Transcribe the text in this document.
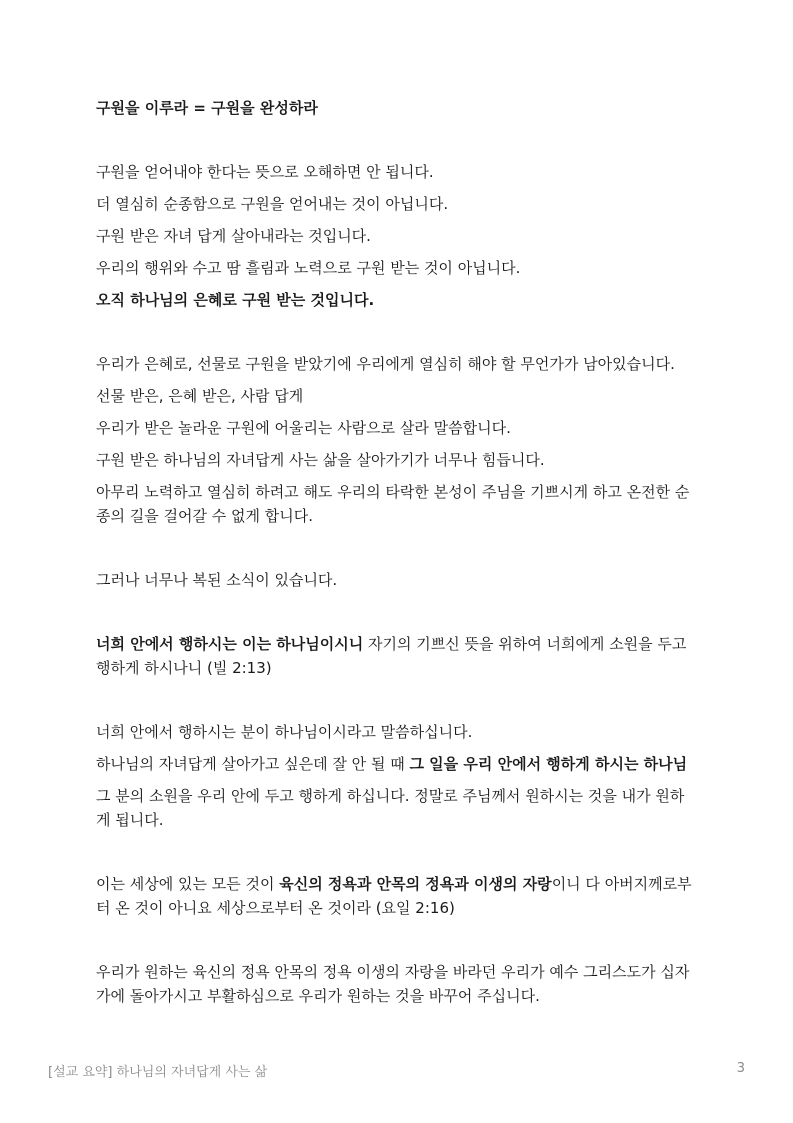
구원을 이루라 = 구원을 완성하라

구원을 얻어내야 한다는 뜻으로 오해하면 안 됩니다.

더 열심히 순종함으로 구원을 얻어내는 것이 아닙니다.

구원 받은 자녀 답게 살아내라는 것입니다.

우리의 행위와 수고 땀 흘림과 노력으로 구원 받는 것이 아닙니다.

오직 하나님의 은혜로 구원 받는 것입니다.

우리가 은혜로, 선물로 구원을 받았기에 우리에게 열심히 해야 할 무언가가 남아있습니다.

선물 받은, 은혜 받은, 사람 답게

우리가 받은 놀라운 구원에 어울리는 사람으로 살라 말씀합니다.

구원 받은 하나님의 자녀답게 사는 삶을 살아가기가 너무나 힘듭니다.

아무리 노력하고 열심히 하려고 해도 우리의 타락한 본성이 주님을 기쁘시게 하고 온전한 순종의 길을 걸어갈 수 없게 합니다.

그러나 너무나 복된 소식이 있습니다.

너희 안에서 행하시는 이는 하나님이시니 자기의 기쁘신 뜻을 위하여 너희에게 소원을 두고 행하게 하시나니 (빌 2:13)

너희 안에서 행하시는 분이 하나님이시라고 말씀하십니다.

하나님의 자녀답게 살아가고 싶은데 잘 안 될 때 그 일을 우리 안에서 행하게 하시는 하나님

그 분의 소원을 우리 안에 두고 행하게 하십니다. 정말로 주님께서 원하시는 것을 내가 원하게 됩니다.

이는 세상에 있는 모든 것이 육신의 정욕과 안목의 정욕과 이생의 자랑이니 다 아버지께로부터 온 것이 아니요 세상으로부터 온 것이라 (요일 2:16)

우리가 원하는 육신의 정욕 안목의 정욕 이생의 자랑을 바라던 우리가 예수 그리스도가 십자가에 돌아가시고 부활하심으로 우리가 원하는 것을 바꾸어 주십니다.

[설교 요약] 하나님의 자녀답게 사는 삶	3
